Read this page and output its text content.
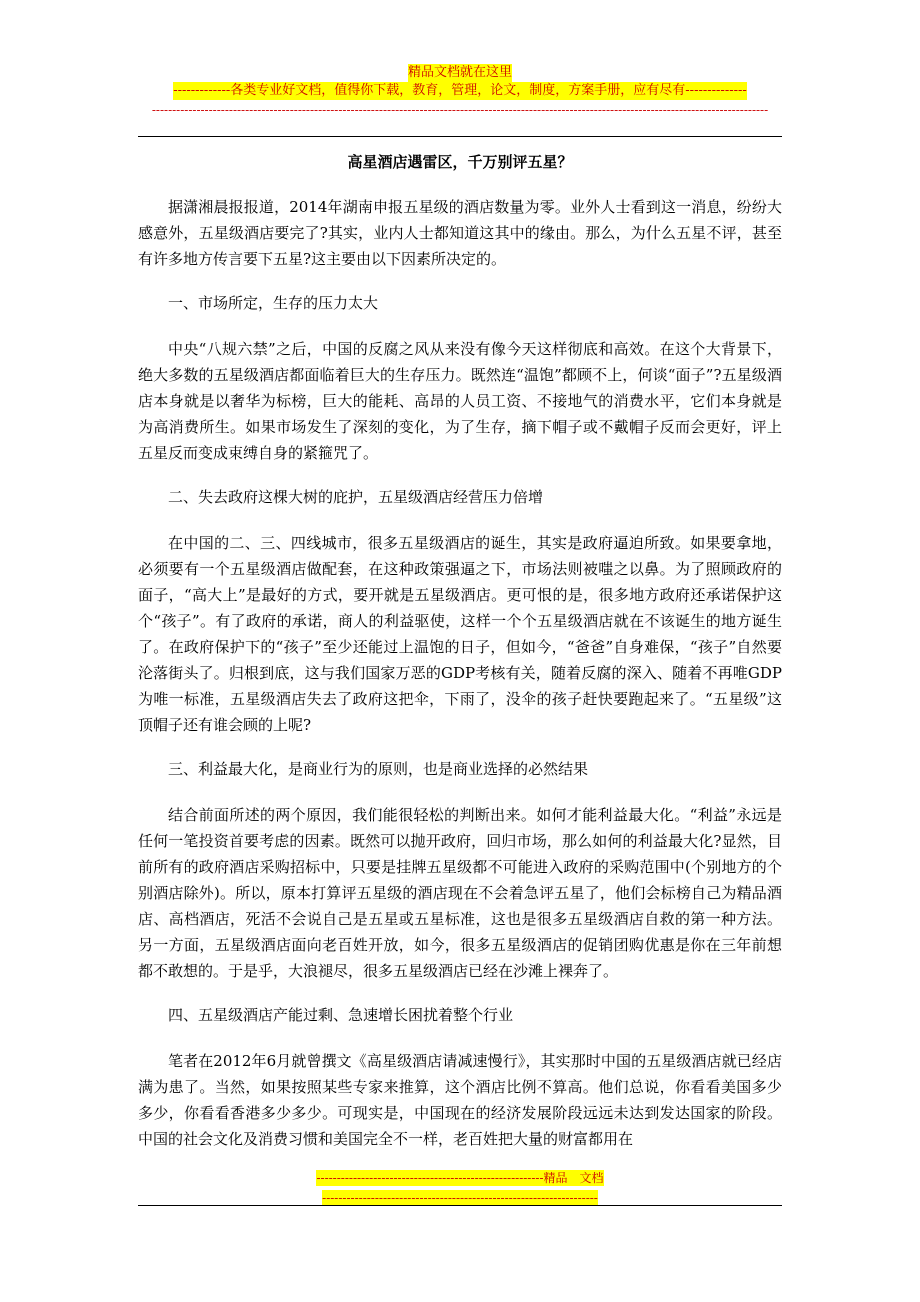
精品文档就在这里
-------------各类专业好文档，值得你下载，教育，管理，论文，制度，方案手册，应有尽有--------------
--------------------------------------------------------------------------------------------------------------------------------------------------------
高星酒店遇雷区，千万别评五星？

据潇湘晨报报道，2014年湖南申报五星级的酒店数量为零。业外人士看到这一消息，纷纷大感意外，五星级酒店要完了?其实，业内人士都知道这其中的缘由。那么，为什么五星不评，甚至有许多地方传言要下五星?这主要由以下因素所决定的。

一、市场所定，生存的压力太大

中央“八规六禁”之后，中国的反腐之风从来没有像今天这样彻底和高效。在这个大背景下，绝大多数的五星级酒店都面临着巨大的生存压力。既然连“温饱”都顾不上，何谈“面子”?五星级酒店本身就是以奢华为标榜，巨大的能耗、高昂的人员工资、不接地气的消费水平，它们本身就是为高消费所生。如果市场发生了深刻的变化，为了生存，摘下帽子或不戴帽子反而会更好，评上五星反而变成束缚自身的紧箍咒了。

二、失去政府这棵大树的庇护，五星级酒店经营压力倍增

在中国的二、三、四线城市，很多五星级酒店的诞生，其实是政府逼迫所致。如果要拿地，必须要有一个五星级酒店做配套，在这种政策强逼之下，市场法则被嗤之以鼻。为了照顾政府的面子，“高大上”是最好的方式，要开就是五星级酒店。更可恨的是，很多地方政府还承诺保护这个“孩子”。有了政府的承诺，商人的利益驱使，这样一个个五星级酒店就在不该诞生的地方诞生了。在政府保护下的“孩子”至少还能过上温饱的日子，但如今，“爸爸”自身难保，“孩子”自然要沦落街头了。归根到底，这与我们国家万恶的GDP考核有关，随着反腐的深入、随着不再唯GDP为唯一标准，五星级酒店失去了政府这把伞，下雨了，没伞的孩子赶快要跑起来了。“五星级”这顶帽子还有谁会顾的上呢?

三、利益最大化，是商业行为的原则，也是商业选择的必然结果

结合前面所述的两个原因，我们能很轻松的判断出来。如何才能利益最大化。“利益”永远是任何一笔投资首要考虑的因素。既然可以抛开政府，回归市场，那么如何的利益最大化?显然，目前所有的政府酒店采购招标中，只要是挂牌五星级都不可能进入政府的采购范围中(个别地方的个别酒店除外)。所以，原本打算评五星级的酒店现在不会着急评五星了，他们会标榜自己为精品酒店、高档酒店，死活不会说自己是五星或五星标准，这也是很多五星级酒店自救的第一种方法。另一方面，五星级酒店面向老百姓开放，如今，很多五星级酒店的促销团购优惠是你在三年前想都不敢想的。于是乎，大浪褪尽，很多五星级酒店已经在沙滩上裸奔了。

四、五星级酒店产能过剩、急速增长困扰着整个行业

笔者在2012年6月就曾撰文《高星级酒店请减速慢行》，其实那时中国的五星级酒店就已经店满为患了。当然，如果按照某些专家来推算，这个酒店比例不算高。他们总说，你看看美国多少多少，你看看香港多少多少。可现实是，中国现在的经济发展阶段远远未达到发达国家的阶段。中国的社会文化及消费习惯和美国完全不一样，老百姓把大量的财富都用在

--------------------------------------------------------精品　文档
--------------------------------------------------------------------
